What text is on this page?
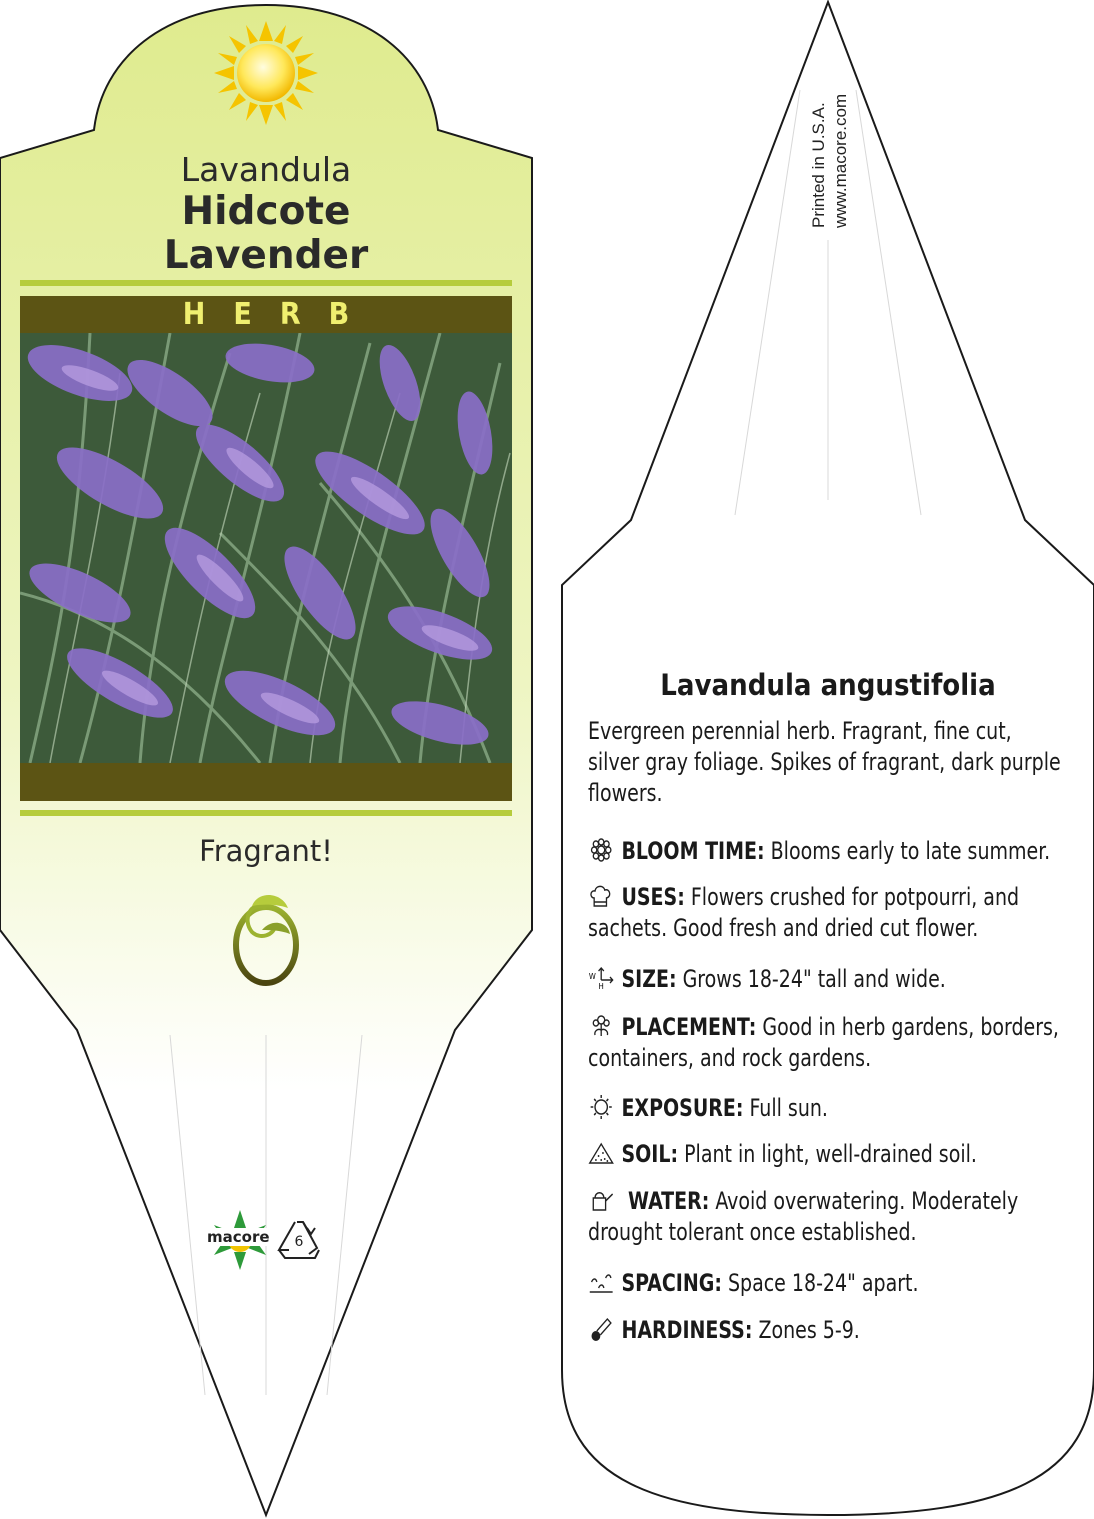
Lavandula
Hidcote
Lavender
HERB
Fragrant!
macore 6
Printed in U.S.A. www.macore.com
Lavandula angustifolia
Evergreen perennial herb. Fragrant, fine cut, silver gray foliage. Spikes of fragrant, dark purple flowers.
BLOOM TIME: Blooms early to late summer.
USES: Flowers crushed for potpourri, and sachets. Good fresh and dried cut flower.
W
H SIZE: Grows 18-24" tall and wide.
PLACEMENT: Good in herb gardens, borders, containers, and rock gardens.
EXPOSURE: Full sun.
SOIL: Plant in light, well-drained soil.
WATER: Avoid overwatering. Moderately drought tolerant once established.
SPACING: Space 18-24" apart.
HARDINESS: Zones 5-9.
